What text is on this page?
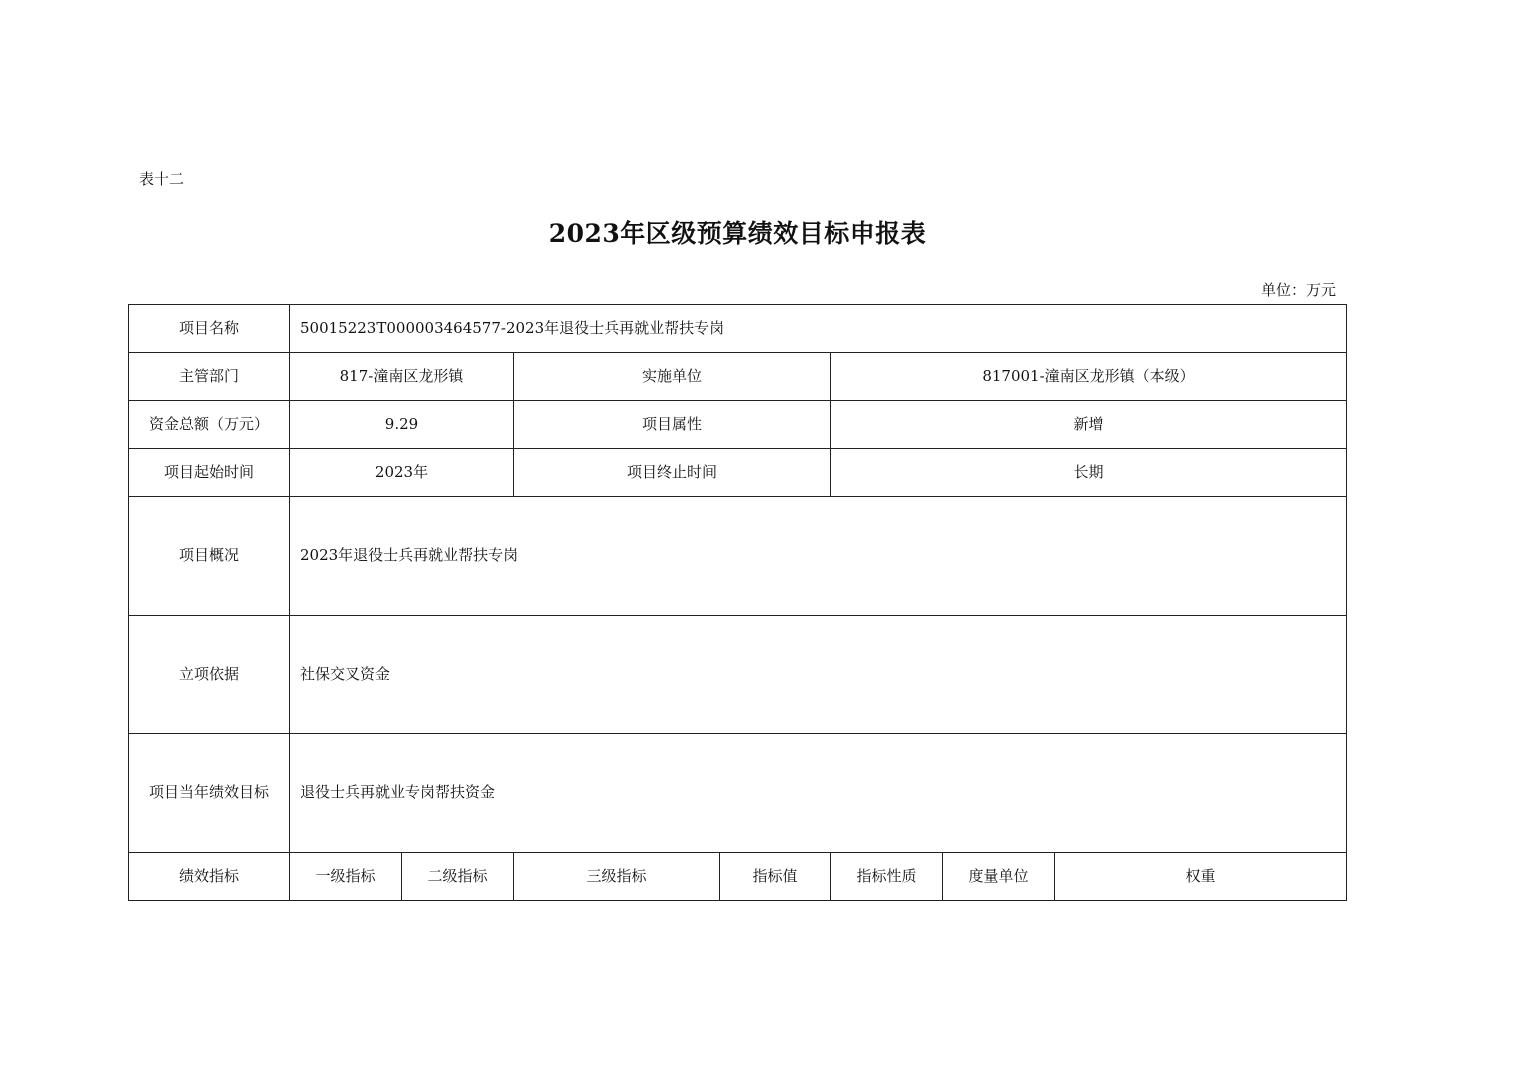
表十二
2023年区级预算绩效目标申报表
单位：万元
项目名称	50015223T000003464577-2023年退役士兵再就业帮扶专岗
主管部门	817-潼南区龙形镇	实施单位	817001-潼南区龙形镇（本级）
资金总额（万元）	9.29	项目属性	新增
项目起始时间	2023年	项目终止时间	长期
项目概况	2023年退役士兵再就业帮扶专岗
立项依据	社保交叉资金
项目当年绩效目标	退役士兵再就业专岗帮扶资金
绩效指标	一级指标	二级指标	三级指标	指标值	指标性质	度量单位	权重
